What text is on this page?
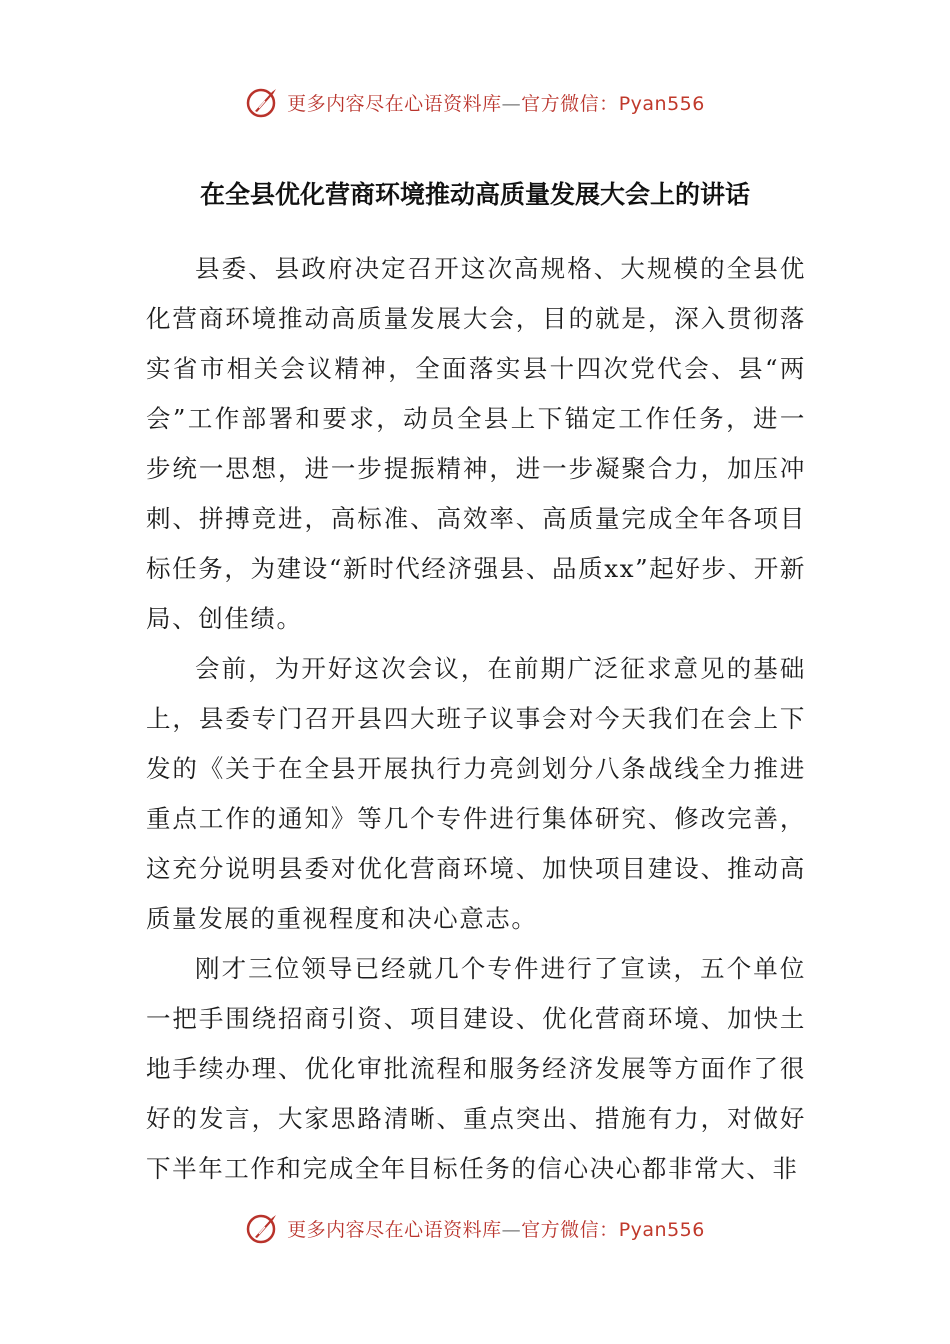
更多内容尽在心语资料库—官方微信：Pyan556
在全县优化营商环境推动高质量发展大会上的讲话

县委、县政府决定召开这次高规格、大规模的全县优化营商环境推动高质量发展大会，目的就是，深入贯彻落实省市相关会议精神，全面落实县十四次党代会、县“两会”工作部署和要求，动员全县上下锚定工作任务，进一步统一思想，进一步提振精神，进一步凝聚合力，加压冲刺、拼搏竞进，高标准、高效率、高质量完成全年各项目标任务，为建设“新时代经济强县、品质xx”起好步、开新局、创佳绩。

会前，为开好这次会议，在前期广泛征求意见的基础上，县委专门召开县四大班子议事会对今天我们在会上下发的《关于在全县开展执行力亮剑划分八条战线全力推进重点工作的通知》等几个专件进行集体研究、修改完善，这充分说明县委对优化营商环境、加快项目建设、推动高质量发展的重视程度和决心意志。

刚才三位领导已经就几个专件进行了宣读，五个单位一把手围绕招商引资、项目建设、优化营商环境、加快土地手续办理、优化审批流程和服务经济发展等方面作了很好的发言，大家思路清晰、重点突出、措施有力，对做好下半年工作和完成全年目标任务的信心决心都非常大、非

更多内容尽在心语资料库—官方微信：Pyan556
